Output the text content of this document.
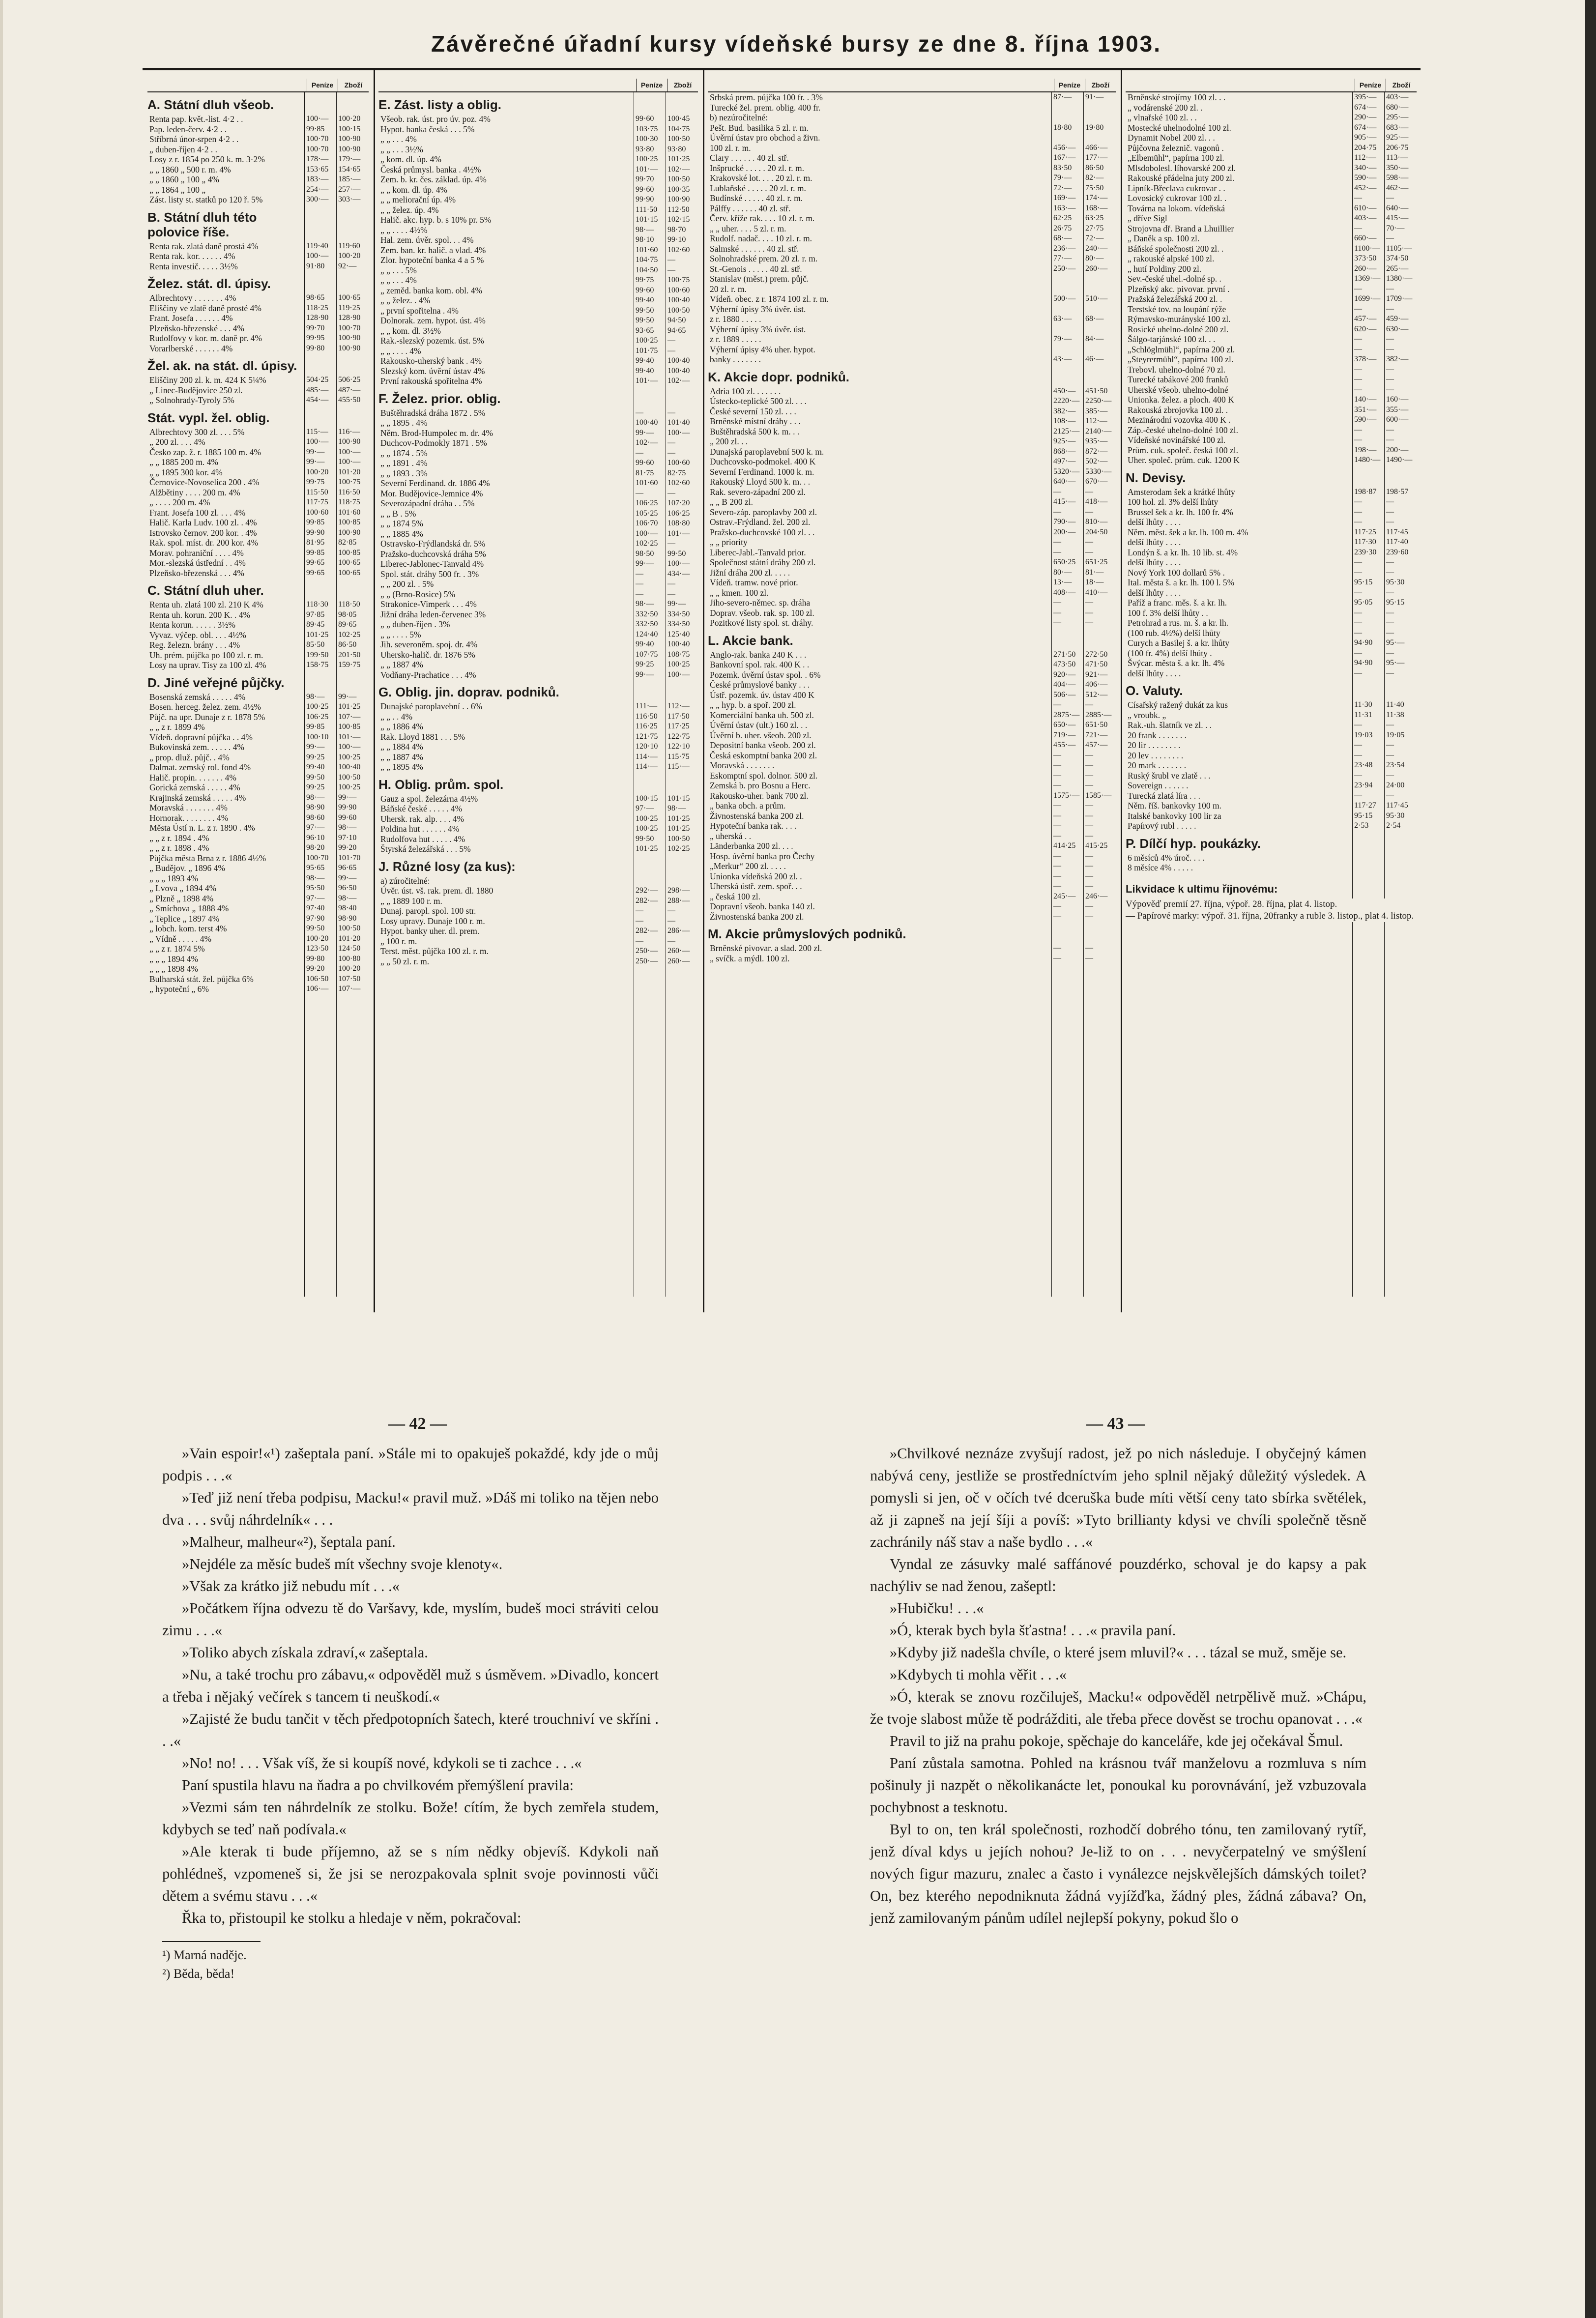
Závěrečné úřadní kursy vídeňské bursy ze dne 8. října 1903.
Peníze	Zboží
A. Státní dluh všeob.
Renta pap. květ.-list. 4·2 . .	100·—	100·20
Pap. leden-červ. 4·2 . .	99·85	100·15
Stříbrná únor-srpen 4·2 . .	100·70	100·90
„ duben-říjen 4·2 . .	100·70	100·90
Losy z r. 1854 po 250 k. m. 3·2%	178·—	179·—
„ „ 1860 „ 500 r. m. 4%	153·65	154·65
„ „ 1860 „ 100 „ 4%	183·—	185·—
„ „ 1864 „ 100 „	254·—	257·—
Zást. listy st. statků po 120 ř. 5%	300·—	303·—
B. Státní dluh této polovice říše.
Renta rak. zlatá daně prostá 4%	119·40	119·60
Renta rak. kor. . . . . . 4%	100·—	100·20
Renta investič. . . . . 3½%	91·80	92·—
Želez. stát. dl. úpisy.
Albrechtovy . . . . . . . 4%	98·65	100·65
Eliščiny ve zlatě daně prosté 4%	118·25	119·25
Frant. Josefa . . . . . . 4%	128·90	128·90
Plzeňsko-březenské . . . 4%	99·70	100·70
Rudolfovy v kor. m. daně pr. 4%	99·95	100·90
Vorarlberské . . . . . . 4%	99·80	100·90
Žel. ak. na stát. dl. úpisy.
Eliščiny 200 zl. k. m. 424 K 5¼%	504·25	506·25
„ Linec-Budějovice 250 zl.	485·—	487·—
„ Solnohrady-Tyroly 5%	454·—	455·50
Stát. vypl. žel. oblig.
Albrechtovy 300 zl. . . . 5%	115·—	116·—
„ 200 zl. . . . 4%	100·—	100·90
Česko zap. ž. r. 1885 100 m. 4%	99·—	100·—
„ „ 1885 200 m. 4%	99·—	100·—
„ „ 1895 300 kor. 4%	100·20	101·20
Černovice-Novoselica 200 . 4%	99·75	100·75
Alžbětiny . . . . 200 m. 4%	115·50	116·50
„ . . . . 200 m. 4%	117·75	118·75
Frant. Josefa 100 zl. . . . 4%	100·60	101·60
Halič. Karla Ludv. 100 zl. . 4%	99·85	100·85
Istrovsko černov. 200 kor. . 4%	99·90	100·90
Rak. spol. míst. dr. 200 kor. 4%	81·95	82·85
Morav. pohraniční . . . . 4%	99·85	100·85
Mor.-slezská ústřední . . 4%	99·65	100·65
Plzeňsko-březenská . . . 4%	99·65	100·65
C. Státní dluh uher.
Renta uh. zlatá 100 zl. 210 K 4%	118·30	118·50
Renta uh. korun. 200 K. . 4%	97·85	98·05
Renta korun. . . . . . 3½%	89·45	89·65
Vyvaz. výčep. obl. . . . 4½%	101·25	102·25
Reg. železn. brány . . . 4%	85·50	86·50
Uh. prém. půjčka po 100 zl. r. m.	199·50	201·50
Losy na uprav. Tisy za 100 zl. 4%	158·75	159·75
D. Jiné veřejné půjčky.
Bosenská zemská . . . . . 4%	98·—	99·—
Bosen. herceg. želez. zem. 4½%	100·25	101·25
Půjč. na upr. Dunaje z r. 1878 5%	106·25	107·—
„ „ z r. 1899 4%	99·85	100·85
Vídeň. dopravní půjčka . . 4%	100·10	101·—
Bukovinská zem. . . . . . 4%	99·—	100·—
„ prop. dluž. půjč. . 4%	99·25	100·25
Dalmat. zemský rol. fond 4%	99·40	100·40
Halič. propin. . . . . . . 4%	99·50	100·50
Gorická zemská . . . . . 4%	99·25	100·25
Krajinská zemská . . . . . 4%	98·—	99·—
Moravská . . . . . . . 4%	98·90	99·90
Hornorak. . . . . . . . 4%	98·60	99·60
Města Ústí n. L. z r. 1890 . 4%	97·—	98·—
„ „ z r. 1894 . 4%	96·10	97·10
„ „ z r. 1898 . 4%	98·20	99·20
Půjčka města Brna z r. 1886 4½%	100·70	101·70
„ Budějov. „ 1896 4%	95·65	96·65
„ „ „ 1893 4%	98·—	99·—
„ Lvova „ 1894 4%	95·50	96·50
„ Plzně „ 1898 4%	97·—	98·—
„ Smíchova „ 1888 4%	97·40	98·40
„ Teplice „ 1897 4%	97·90	98·90
„ lobch. kom. terst 4%	99·50	100·50
„ Vídně . . . . . 4%	100·20	101·20
„ „ z r. 1874 5%	123·50	124·50
„ „ „ 1894 4%	99·80	100·80
„ „ „ 1898 4%	99·20	100·20
Bulharská stát. žel. půjčka 6%	106·50	107·50
„ hypoteční „ 6%	106·—	107·—
Peníze	Zboží
E. Zást. listy a oblig.
Všeob. rak. úst. pro úv. poz. 4%	99·60	100·45
Hypot. banka česká . . . 5%	103·75	104·75
„ „ . . . 4%	100·30	100·50
„ „ . . . 3½%	93·80	93·80
„ kom. dl. úp. 4%	100·25	101·25
Česká průmysl. banka . 4½%	101·—	102·—
Zem. b. kr. čes. základ. úp. 4%	99·70	100·50
„ „ kom. dl. úp. 4%	99·60	100·35
„ „ meliorační úp. 4%	99·90	100·90
„ „ želez. úp. 4%	111·50	112·50
Halič. akc. hyp. b. s 10% pr. 5%	101·15	102·15
„ „ . . . . 4½%	98·—	98·70
Hal. zem. úvěr. spol. . . 4%	98·10	99·10
Zem. ban. kr. halič. a vlad. 4%	101·60	102·60
Zlor. hypoteční banka 4 a 5 %	104·75	—
„ „ . . . 5%	104·50	—
„ „ . . . 4%	99·75	100·75
„ zeměd. banka kom. obl. 4%	99·60	100·60
„ „ želez. . 4%	99·40	100·40
„ první spořitelna . 4%	99·50	100·50
Dolnorak. zem. hypot. úst. 4%	99·50	94·50
„ „ kom. dl. 3½%	93·65	94·65
Rak.-slezský pozemk. úst. 5%	100·25	—
„ „ . . . . 4%	101·75	—
Rakousko-uherský bank . 4%	99·40	100·40
Slezský kom. úvěrní ústav 4%	99·40	100·40
První rakouská spořitelna 4%	101·—	102·—
F. Želez. prior. oblig.
Buštěhradská dráha 1872 . 5%	—	—
„ „ 1895 . 4%	100·40	101·40
Něm. Brod-Humpolec m. dr. 4%	99·—	100·—
Duchcov-Podmokly 1871 . 5%	102·—	—
„ „ 1874 . 5%	—	—
„ „ 1891 . 4%	99·60	100·60
„ „ 1893 . 3%	81·75	82·75
Severní Ferdinand. dr. 1886 4%	101·60	102·60
Mor. Budějovice-Jemnice 4%	—	—
Severozápadní dráha . . 5%	106·25	107·20
„ „ B . 5%	105·25	106·25
„ „ 1874 5%	106·70	108·80
„ „ 1885 4%	100·—	101·—
Ostravsko-Frýdlandská dr. 5%	102·25	—
Pražsko-duchcovská dráha 5%	98·50	99·50
Liberec-Jablonec-Tanvald 4%	99·—	100·—
Spol. stát. dráhy 500 fr. . 3%	—	434·—
„ „ 200 zl. . 5%	—	—
„ „ (Brno-Rosice) 5%	—	—
Strakonice-Vimperk . . . 4%	98·—	99·—
Jižní dráha leden-červenec 3%	332·50	334·50
„ „ duben-říjen . 3%	332·50	334·50
„ „ . . . . 5%	124·40	125·40
Jih. severoněm. spoj. dr. 4%	99·40	100·40
Uhersko-halič. dr. 1876 5%	107·75	108·75
„ „ 1887 4%	99·25	100·25
Vodňany-Prachatice . . . 4%	99·—	100·—
G. Oblig. jin. doprav. podniků.
Dunajské paroplavební . . 6%	111·—	112·—
„ „ . . 4%	116·50	117·50
„ „ 1886 4%	116·25	117·25
Rak. Lloyd 1881 . . . 5%	121·75	122·75
„ „ 1884 4%	120·10	122·10
„ „ 1887 4%	114·—	115·75
„ „ 1895 4%	114·—	115·—
H. Oblig. prům. spol.
Gauz a spol. železárna 4½%	100·15	101·15
Báňské české . . . . . 4%	97·—	98·—
Uhersk. rak. alp. . . . 4%	100·25	101·25
Poldina hut . . . . . . 4%	100·25	101·25
Rudolfova hut . . . . . 4%	99·50	100·50
Štyrská železářská . . . 5%	101·25	102·25
J. Různé losy (za kus):
a) zúročitelné:
Úvěr. úst. vš. rak. prem. dl. 1880	292·—	298·—
„ „ 1889 100 r. m.	282·—	288·—
Dunaj. paropl. spol. 100 str.	—	—
Losy upravy. Dunaje 100 r. m.	—	—
Hypot. banky uher. dl. prem.	282·—	286·—
„ 100 r. m.	—	—
Terst. měst. půjčka 100 zl. r. m.	250·—	260·—
„ „ 50 zl. r. m.	250·—	260·—
Peníze	Zboží
Srbská prem. půjčka 100 fr. . 3%	87·—	91·—
Turecké žel. prem. oblig. 400 fr.
b) nezúročitelné:
Pešt. Bud. basilika 5 zl. r. m.	18·80	19·80
Úvěrní ústav pro obchod a živn.
100 zl. r. m.	456·—	466·—
Clary . . . . . . 40 zl. stř.	167·—	177·—
Inšprucké . . . . . 20 zl. r. m.	83·50	86·50
Krakovské lot. . . . 20 zl. r. m.	79·—	82·—
Lublaňské . . . . . 20 zl. r. m.	72·—	75·50
Budínské . . . . . 40 zl. r. m.	169·—	174·—
Pálffy . . . . . . 40 zl. stř.	163·—	168·—
Červ. kříže rak. . . . 10 zl. r. m.	62·25	63·25
„ „ uher. . . . 5 zl. r. m.	26·75	27·75
Rudolf. nadač. . . . 10 zl. r. m.	68·—	72·—
Salmské . . . . . . 40 zl. stř.	236·—	240·—
Solnohradské prem. 20 zl. r. m.	77·—	80·—
St.-Genois . . . . . 40 zl. stř.	250·—	260·—
Stanislav (měst.) prem. půjč.
20 zl. r. m.
Vídeň. obec. z r. 1874 100 zl. r. m.	500·—	510·—
Výherní úpisy 3% úvěr. úst.
z r. 1880 . . . . .	63·—	68·—
Výherní úpisy 3% úvěr. úst.
z r. 1889 . . . . .	79·—	84·—
Výherní úpisy 4% uher. hypot.
banky . . . . . . .	43·—	46·—
K. Akcie dopr. podniků.
Adria 100 zl. . . . . . .	450·—	451·50
Ústecko-teplické 500 zl. . . .	2220·— 2250·—
České severní 150 zl. . . .	382·—	385·—
Brněnské místní dráhy . . .	108·—	112·—
Buštěhradská 500 k. m. . .	2125·— 2140·—
„ 200 zl. . .	925·—	935·—
Dunajská paroplavební 500 k. m.	868·—	872·—
Duchcovsko-podmokel. 400 K	497·—	502·—
Severní Ferdinand. 1000 k. m.	5320·— 5330·—
Rakouský Lloyd 500 k. m. . .	640·—	670·—
Rak. severo-západní 200 zl.	—	—
„ „ B 200 zl.	415·—	418·—
Severo-záp. paroplavby 200 zl.	—	—
Ostrav.-Frýdland. žel. 200 zl.	790·—	810·—
Pražsko-duchcovské 100 zl. . .	200·—	204·50
„ „ priority	—	—
Liberec-Jabl.-Tanvald prior.	—	—
Společnost státní dráhy 200 zl.	650·25	651·25
Jižní dráha 200 zl. . . . .	80·—	81·—
Vídeň. tramw. nové prior.	13·—	18·—
„ „ kmen. 100 zl.	408·—	410·—
Jiho-severo-němec. sp. dráha	—	—
Doprav. všeob. rak. sp. 100 zl.	—	—
Pozitkové listy spol. st. dráhy.	—	—
L. Akcie bank.
Anglo-rak. banka 240 K . . .	271·50	272·50
Bankovní spol. rak. 400 K . .	473·50	471·50
Pozemk. úvěrní ústav spol. . 6%	920·—	921·—
České průmyslové banky . . .	404·—	406·—
Ústř. pozemk. úv. ústav 400 K	506·—	512·—
„ „ hyp. b. a spoř. 200 zl.	—	—
Komerciální banka uh. 500 zl.	2875·— 2885·—
Úvěrní ústav (ult.) 160 zl. . .	650·—	651·50
Úvěrní b. uher. všeob. 200 zl.	719·—	721·—
Depositní banka všeob. 200 zl.	455·—	457·—
Česká eskomptní banka 200 zl.	—	—
Moravská . . . . . . .	—	—
Eskomptní spol. dolnor. 500 zl.	—	—
Zemská b. pro Bosnu a Herc.	—	—
Rakousko-uher. bank 700 zl.	1575·— 1585·—
„ banka obch. a prům.	—	—
Živnostenská banka 200 zl.	—	—
Hypoteční banka rak. . . .	—	—
„ uherská . .	—	—
Länderbanka 200 zl. . . .	414·25	415·25
Hosp. úvěrní banka pro Čechy	—	—
„Merkur“ 200 zl. . . . .	—	—
Unionka vídeňská 200 zl. .	—	—
Uherská ústř. zem. spoř. . .	—	—
„ česká 100 zl.	245·—	246·—
Dopravní všeob. banka 140 zl.	—	—
Živnostenská banka 200 zl.	—	—
M. Akcie průmyslových podniků.
Brněnské pivovar. a slad. 200 zl.	—	—
„ svíčk. a mýdl. 100 zl.	—	—
Peníze	Zboží
Brněnské strojírny 100 zl. . .	395·—	403·—
„ vodárenské 200 zl. .	674·—	680·—
„ vlnařské 100 zl. . .	290·—	295·—
Mostecké uhelnodolné 100 zl.	674·—	683·—
Dynamit Nobel 200 zl. . .	905·—	925·—
Půjčovna železnič. vagonů .	204·75	206·75
„Elbemühl“, papírna 100 zl.	112·—	113·—
Mlsdobolesl. líhovarské 200 zl.	340·—	350·—
Rakouské přádelna juty 200 zl.	590·—	598·—
Lipník-Břeclava cukrovar . .	452·—	462·—
Lovosický cukrovar 100 zl. .	—	—
Továrna na lokom. vídeňská	610·—	640·—
„ dříve Sigl	403·—	415·—
Strojovna dř. Brand a Lhuillier	—	70·—
„ Daněk a sp. 100 zl.	660·—	—
Báňské společnosti 200 zl. .	1100·— 1105·—
„ rakouské alpské 100 zl.	373·50	374·50
„ hutí Poldiny 200 zl.	260·—	265·—
Sev.-české uhel.-dolné sp. .	1369·— 1380·—
Plzeňský akc. pivovar. první .	—	—
Pražská železářská 200 zl. .	1699·— 1709·—
Terstské tov. na loupání rýže	—	—
Rýmavsko-murányské 100 zl.	457·—	459·—
Rosické uhelno-dolné 200 zl.	620·—	630·—
Šálgo-tarjánské 100 zl. . .	—	—
„Schlöglmühl“, papírna 200 zl.	—	—
„Steyrermühl“, papírna 100 zl.	378·—	382·—
Trebovl. uhelno-dolné 70 zl.	—	—
Turecké tabákové 200 franků	—	—
Uherské všeob. uhelno-dolné	—	—
Unionka. želez. a ploch. 400 K	140·—	160·—
Rakouská zbrojovka 100 zl. .	351·—	355·—
Mezinárodní vozovka 400 K .	590·—	600·—
Záp.-české uhelno-dolné 100 zl.	—	—
Vídeňské novinářské 100 zl.	—	—
Prům. cuk. společ. česká 100 zl.	198·—	200·—
Uher. společ. prům. cuk. 1200 K	1480·— 1490·—
N. Devisy.
Amsterodam šek a krátké lhůty	198·87	198·57
100 hol. zl. 3% delší lhůty	—	—
Brussel šek a kr. lh. 100 fr. 4%	—	—
delší lhůty . . . .	—	—
Něm. měst. šek a kr. lh. 100 m. 4%	117·25	117·45
delší lhůty . . . .	117·30	117·40
Londýn š. a kr. lh. 10 lib. st. 4%	239·30	239·60
delší lhůty . . . .	—	—
Nový York 100 dollarů 5% .	—	—
Ital. města š. a kr. lh. 100 l. 5%	95·15	95·30
delší lhůty . . . .	—	—
Paříž a franc. měs. š. a kr. lh.	95·05	95·15
100 f. 3% delší lhůty . .	—	—
Petrohrad a rus. m. š. a kr. lh.	—	—
(100 rub. 4½%) delší lhůty	—	—
Curych a Basilej š. a kr. lhůty	94·90	95·—
(100 fr. 4%) delší lhůty .	—	—
Švýcar. města š. a kr. lh. 4%	94·90	95·—
delší lhůty . . . .	—	—
O. Valuty.
Císařský ražený dukát za kus	11·30	11·40
„ vroubk. „	11·31	11·38
Rak.-uh. šlatník ve zl. . .	—	—
20 frank . . . . . . .	19·03	19·05
20 lir . . . . . . . .	—	—
20 lev . . . . . . . .	—	—
20 mark . . . . . . .	23·48	23·54
Ruský šrubl ve zlatě . . .	—	—
Sovereign . . . . . .	23·94	24·00
Turecká zlatá líra . . .	—	—
Něm. říš. bankovky 100 m.	117·27	117·45
Italské bankovky 100 lir za	95·15	95·30
Papírový rubl . . . . .	2·53	2·54
P. Dílčí hyp. poukázky.
6 měsíců 4% úroč. . . .
8 měsíce 4% . . . . .
Likvidace k ultimu říjnovému:
Výpověď premií 27. října, výpoř. 28. října, plat 4. listop.
— Papírové marky: výpoř. 31. října, 20franky a ruble 3. listop., plat 4. listop.
— 42 —	— 43 —

»Vain espoir!«¹) zašeptala paní. »Stále mi to opakuješ pokaždé, kdy jde o můj podpis . . .«

»Teď již není třeba podpisu, Macku!« pravil muž. »Dáš mi toliko na tějen nebo dva . . . svůj náhrdelník« . . .

»Malheur, malheur«²), šeptala paní.

»Nejdéle za měsíc budeš mít všechny svoje klenoty«.

»Však za krátko již nebudu mít . . .«

»Počátkem října odvezu tě do Varšavy, kde, myslím, budeš moci stráviti celou zimu . . .«

»Toliko abych získala zdraví,« zašeptala.

»Nu, a také trochu pro zábavu,« odpověděl muž s úsměvem. »Divadlo, koncert a třeba i nějaký večírek s tancem ti neuškodí.«

»Zajisté že budu tančit v těch předpotopních šatech, které trouchniví ve skříni . . .«

»No! no! . . . Však víš, že si koupíš nové, kdykoli se ti zachce . . .«

Paní spustila hlavu na ňadra a po chvilkovém přemýšlení pravila:

»Vezmi sám ten náhrdelník ze stolku. Bože! cítím, že bych zemřela studem, kdybych se teď naň podívala.«

»Ale kterak ti bude příjemno, až se s ním nědky objevíš. Kdykoli naň pohlédneš, vzpomeneš si, že jsi se nerozpakovala splnit svoje povinnosti vůči dětem a svému stavu . . .«

Řka to, přistoupil ke stolku a hledaje v něm, pokračoval:

¹) Marná naděje.
²) Běda, běda!

»Chvilkové neznáze zvyšují radost, jež po nich následuje. I obyčejný kámen nabývá ceny, jestliže se prostředníctvím jeho splnil nějaký důležitý výsledek. A pomysli si jen, oč v očích tvé dceruška bude míti větší ceny tato sbírka světélek, až ji zapneš na její šíji a povíš: »Tyto brillianty kdysi ve chvíli společně těsně zachránily náš stav a naše bydlo . . .«

Vyndal ze zásuvky malé saffánové pouzdérko, schoval je do kapsy a pak nachýliv se nad ženou, zašeptl:

»Hubičku! . . .«

»Ó, kterak bych byla šťastna! . . .« pravila paní.

»Kdyby již nadešla chvíle, o které jsem mluvil?« . . . tázal se muž, směje se.

»Kdybych ti mohla věřit . . .«

»Ó, kterak se znovu rozčiluješ, Macku!« odpověděl netrpělivě muž. »Chápu, že tvoje slabost může tě podrážditi, ale třeba přece dověst se trochu opanovat . . .«

Pravil to již na prahu pokoje, spěchaje do kanceláře, kde jej očekával Šmul.

Paní zůstala samotna. Pohled na krásnou tvář manželovu a rozmluva s ním pošinuly ji nazpět o několikanácte let, ponoukal ku porovnávání, jež vzbuzovala pochybnost a tesknotu.

Byl to on, ten král společnosti, rozhodčí dobrého tónu, ten zamilovaný rytíř, jenž díval kdys u jejích nohou? Je-liž to on . . . nevyčerpatelný ve smýšlení nových figur mazuru, znalec a často i vynálezce nejskvělejších dámských toilet? On, bez kterého nepodniknuta žádná vyjížďka, žádný ples, žádná zábava? On, jenž zamilovaným pánům udílel nejlepší pokyny, pokud šlo o
